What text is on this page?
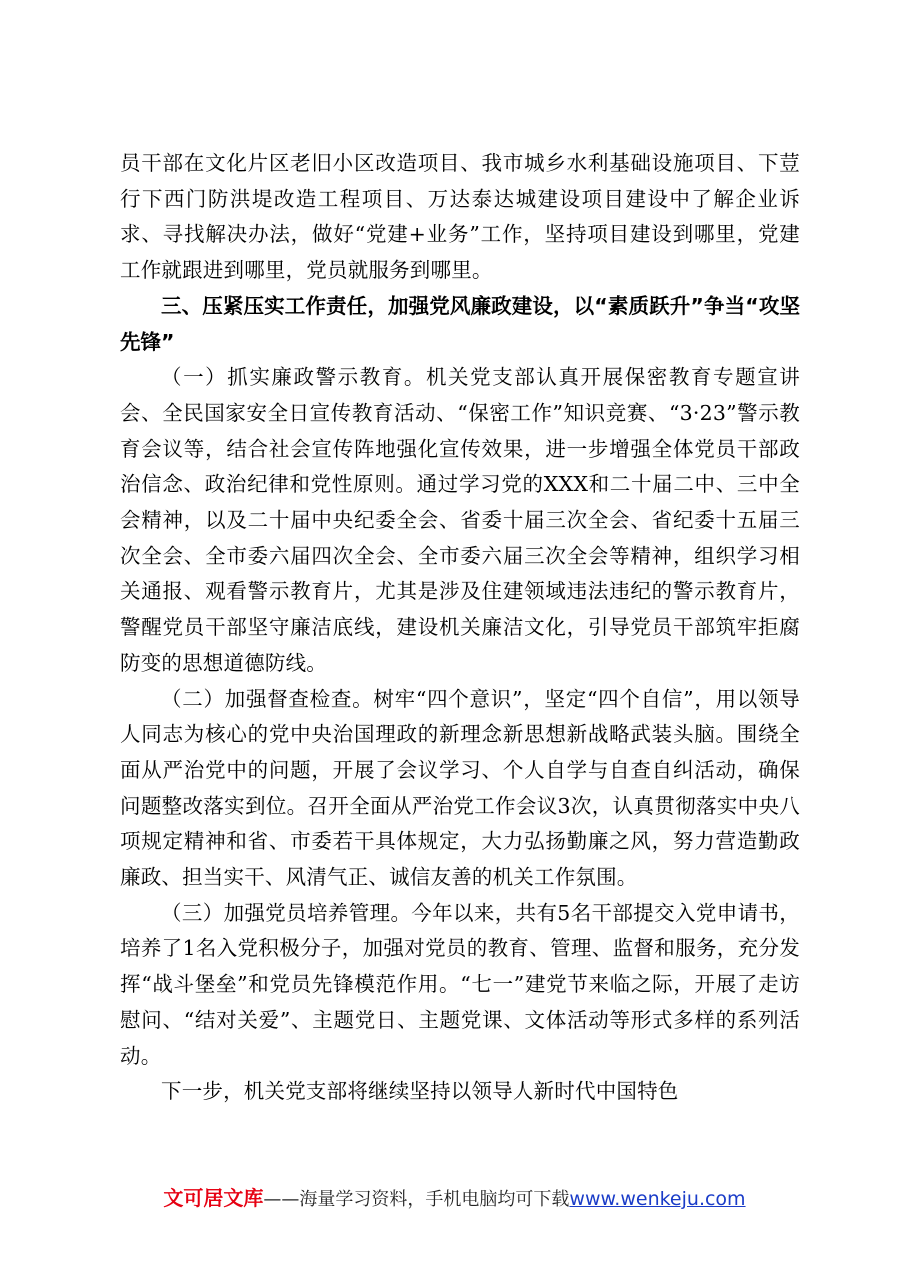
员干部在文化片区老旧小区改造项目、我市城乡水利基础设施项目、下荳行下西门防洪堤改造工程项目、万达泰达城建设项目建设中了解企业诉求、寻找解决办法，做好“党建+业务”工作，坚持项目建设到哪里，党建工作就跟进到哪里，党员就服务到哪里。

三、压紧压实工作责任，加强党风廉政建设，以“素质跃升”争当“攻坚先锋”

（一）抓实廉政警示教育。机关党支部认真开展保密教育专题宣讲会、全民国家安全日宣传教育活动、“保密工作”知识竞赛、“3·23”警示教育会议等，结合社会宣传阵地强化宣传效果，进一步增强全体党员干部政治信念、政治纪律和党性原则。通过学习党的XXX和二十届二中、三中全会精神，以及二十届中央纪委全会、省委十届三次全会、省纪委十五届三次全会、全市委六届四次全会、全市委六届三次全会等精神，组织学习相关通报、观看警示教育片，尤其是涉及住建领域违法违纪的警示教育片，警醒党员干部坚守廉洁底线，建设机关廉洁文化，引导党员干部筑牢拒腐防变的思想道德防线。

（二）加强督查检查。树牢“四个意识”，坚定“四个自信”，用以领导人同志为核心的党中央治国理政的新理念新思想新战略武装头脑。围绕全面从严治党中的问题，开展了会议学习、个人自学与自查自纠活动，确保问题整改落实到位。召开全面从严治党工作会议3次，认真贯彻落实中央八项规定精神和省、市委若干具体规定，大力弘扬勤廉之风，努力营造勤政廉政、担当实干、风清气正、诚信友善的机关工作氛围。

（三）加强党员培养管理。今年以来，共有5名干部提交入党申请书，培养了1名入党积极分子，加强对党员的教育、管理、监督和服务，充分发挥“战斗堡垒”和党员先锋模范作用。“七一”建党节来临之际，开展了走访慰问、“结对关爱”、主题党日、主题党课、文体活动等形式多样的系列活动。

下一步，机关党支部将继续坚持以领导人新时代中国特色

文可居文库——海量学习资料，手机电脑均可下载www.wenkeju.com
